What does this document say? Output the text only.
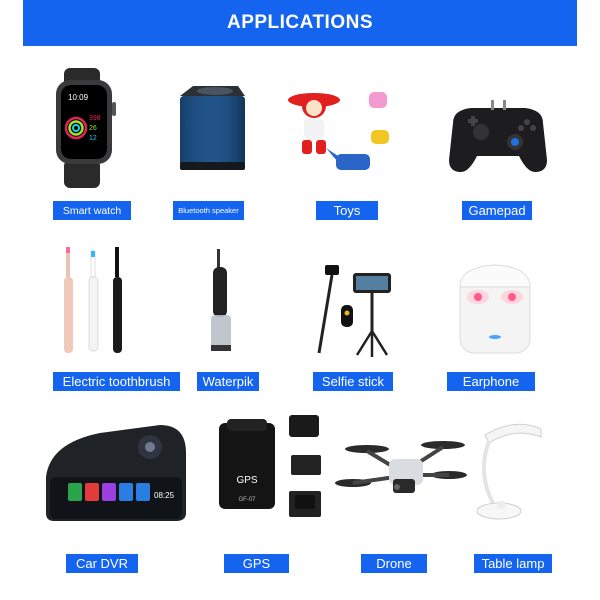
APPLICATIONS
10:09
398
26
12
Smart watch	Bluetooth speaker	Toys	Gamepad
Electric toothbrush Waterpik	Selfie stick	Earphone
08:25
Car DVR
GPS
GF-07
GPS	Drone	Table lamp
